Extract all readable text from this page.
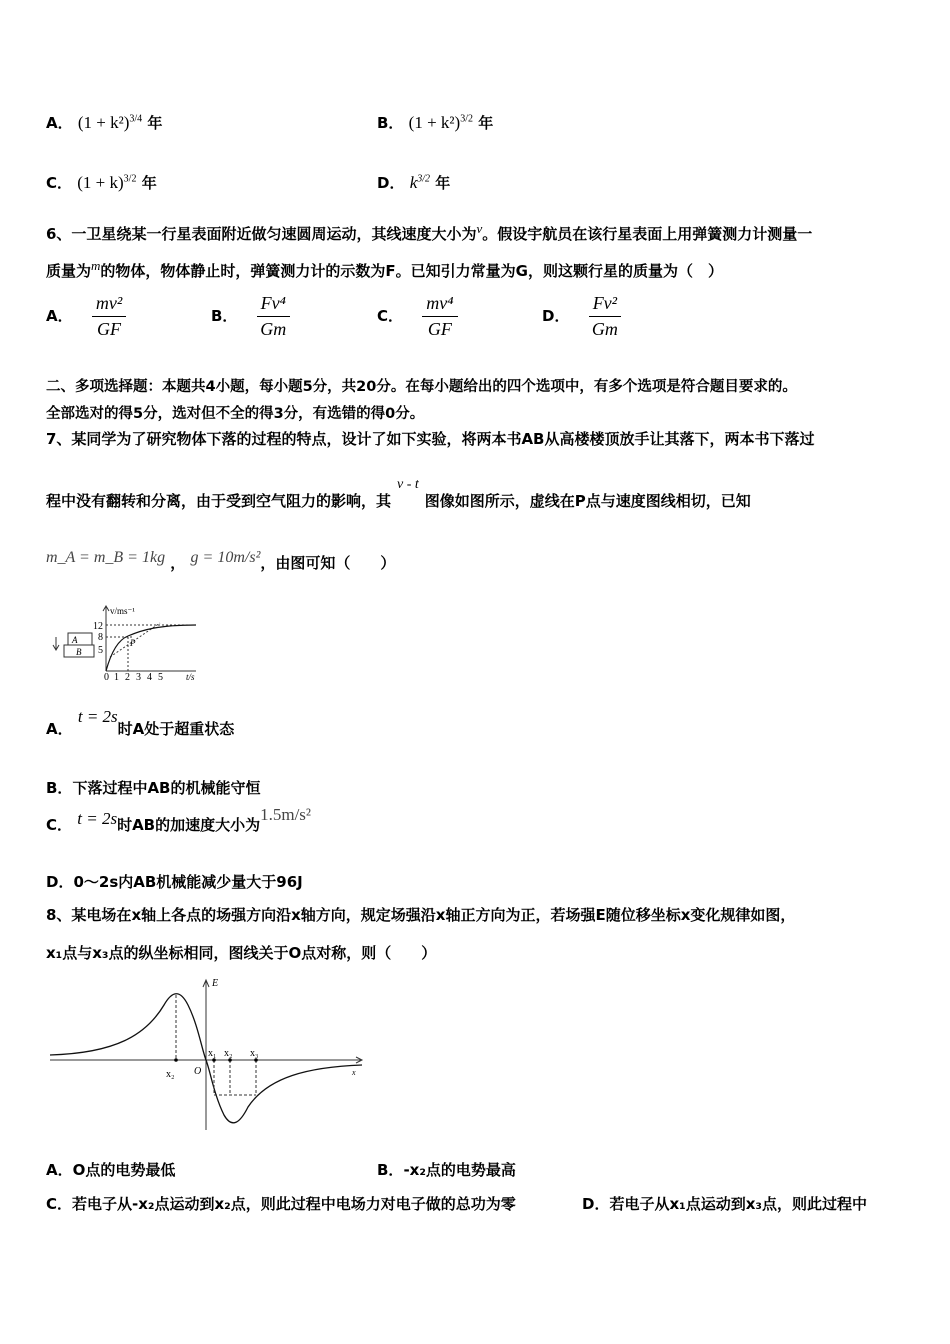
A． $(1 + k^2)^{3/4}$ 年	B． $(1 + k^2)^{3/2}$ 年
C． $(1 + k)^{3/2}$ 年	D． $k^{3/2}$ 年
6、一卫星绕某一行星表面附近做匀速圆周运动，其线速度大小为v。假设宇航员在该行星表面上用弹簧测力计测量一
质量为m的物体，物体静止时，弹簧测力计的示数为F。已知引力常量为G，则这颗行星的质量为（　）
A． $\frac{\text{mv²}}{GF}$	B． $\frac{\text{Fv⁴}}{Gm}$	C． $\frac{\text{mv⁴}}{GF}$	D． $\frac{\text{Fv²}}{Gm}$
二、多项选择题：本题共4小题，每小题5分，共20分。在每小题给出的四个选项中，有多个选项是符合题目要求的。
全部选对的得5分，选对但不全的得3分，有选错的得0分。
7、某同学为了研究物体下落的过程的特点，设计了如下实验，将两本书AB从高楼楼顶放手让其落下，两本书下落过
程中没有翻转和分离，由于受到空气阻力的影响，其v - t图像如图所示，虚线在P点与速度图线相切，已知
m_A = m_B = 1kg ， g = 10m/s²，由图可知（　　）
v/ms⁻¹
12
8
5
P
A
B
0 1 2 3 4 5	t/s
A． t = 2s时A处于超重状态
B．下落过程中AB的机械能守恒
C． t = 2s时AB的加速度大小为1.5m/s²
D．0～2s内AB机械能减少量大于96J
8、某电场在x轴上各点的场强方向沿x轴方向，规定场强沿x轴正方向为正，若场强E随位移坐标x变化规律如图，
x₁点与x₃点的纵坐标相同，图线关于O点对称，则（　　）
E
x
O
x₂
x₁ x₂ x₃
A．O点的电势最低	B．-x₂点的电势最高
C．若电子从-x₂点运动到x₂点，则此过程中电场力对电子做的总功为零	D．若电子从x₁点运动到x₃点，则此过程中
